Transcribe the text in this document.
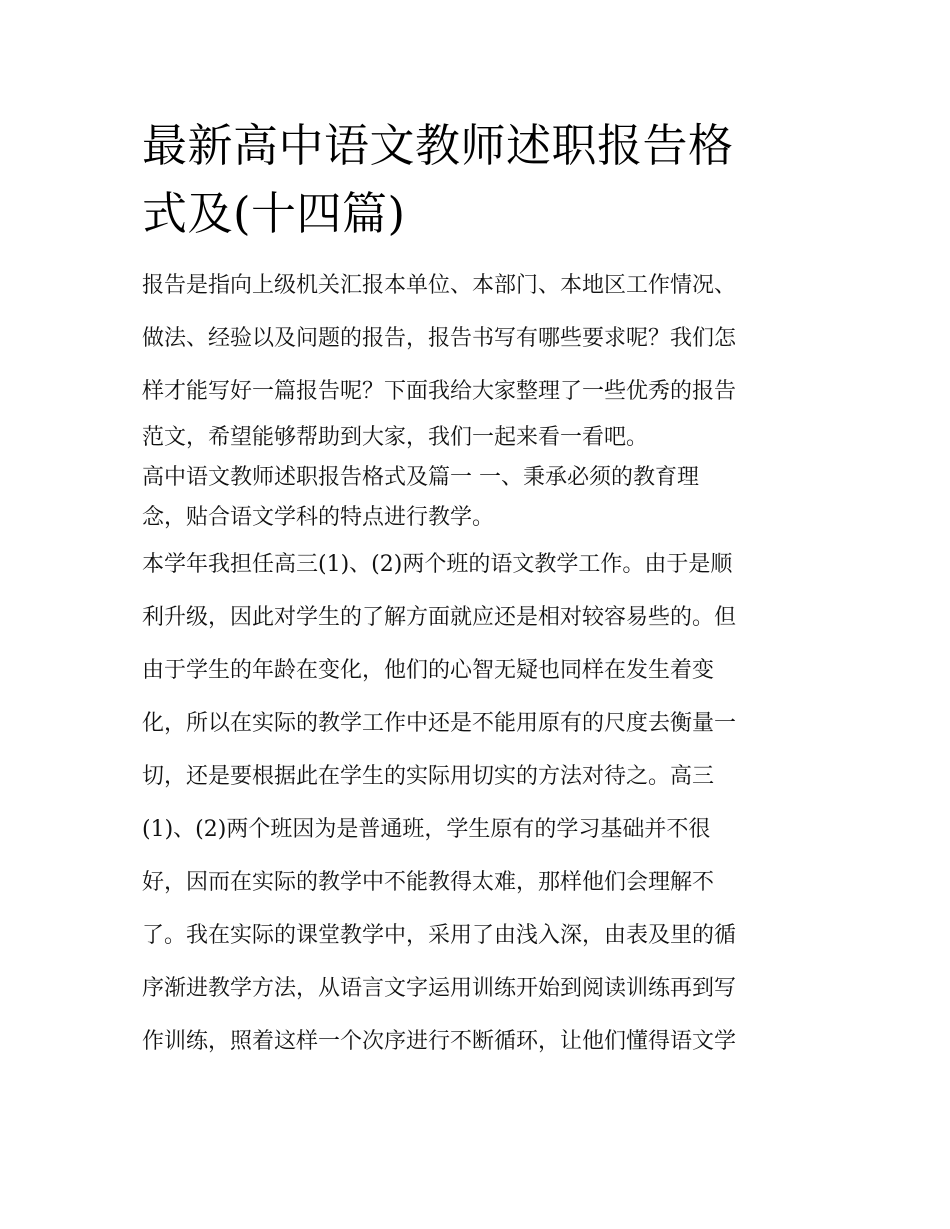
最新高中语文教师述职报告格
式及(十四篇)
报告是指向上级机关汇报本单位、本部门、本地区工作情况、
做法、经验以及问题的报告，报告书写有哪些要求呢？我们怎
样才能写好一篇报告呢？下面我给大家整理了一些优秀的报告
范文，希望能够帮助到大家，我们一起来看一看吧。
高中语文教师述职报告格式及篇一 一、秉承必须的教育理
念，贴合语文学科的特点进行教学。
本学年我担任高三(1)、(2)两个班的语文教学工作。由于是顺
利升级，因此对学生的了解方面就应还是相对较容易些的。但
由于学生的年龄在变化，他们的心智无疑也同样在发生着变
化，所以在实际的教学工作中还是不能用原有的尺度去衡量一
切，还是要根据此在学生的实际用切实的方法对待之。高三
(1)、(2)两个班因为是普通班，学生原有的学习基础并不很
好，因而在实际的教学中不能教得太难，那样他们会理解不
了。我在实际的课堂教学中，采用了由浅入深，由表及里的循
序渐进教学方法，从语言文字运用训练开始到阅读训练再到写
作训练，照着这样一个次序进行不断循环，让他们懂得语文学
